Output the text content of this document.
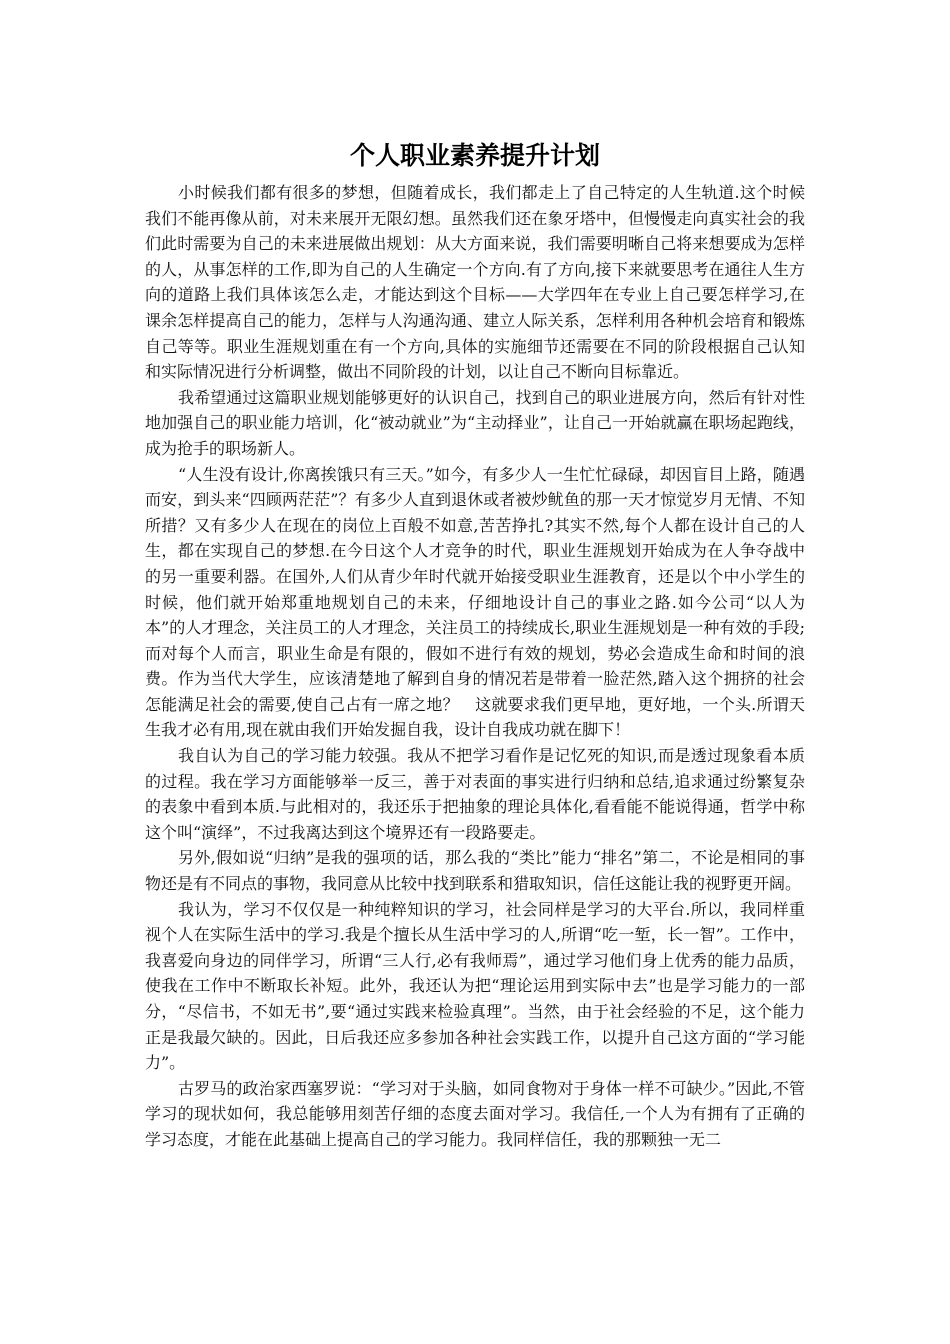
个人职业素养提升计划

小时候我们都有很多的梦想，但随着成长，我们都走上了自己特定的人生轨道.这个时候我们不能再像从前，对未来展开无限幻想。虽然我们还在象牙塔中，但慢慢走向真实社会的我们此时需要为自己的未来进展做出规划：从大方面来说，我们需要明晰自己将来想要成为怎样的人，从事怎样的工作,即为自己的人生确定一个方向.有了方向,接下来就要思考在通往人生方向的道路上我们具体该怎么走，才能达到这个目标——大学四年在专业上自己要怎样学习,在课余怎样提高自己的能力，怎样与人沟通沟通、建立人际关系，怎样利用各种机会培育和锻炼自己等等。职业生涯规划重在有一个方向,具体的实施细节还需要在不同的阶段根据自己认知和实际情况进行分析调整，做出不同阶段的计划，以让自己不断向目标靠近。

我希望通过这篇职业规划能够更好的认识自己，找到自己的职业进展方向，然后有针对性地加强自己的职业能力培训，化“被动就业”为“主动择业”，让自己一开始就赢在职场起跑线，成为抢手的职场新人。

“人生没有设计,你离挨饿只有三天。”如今，有多少人一生忙忙碌碌，却因盲目上路，随遇而安，到头来“四顾两茫茫”？有多少人直到退休或者被炒鱿鱼的那一天才惊觉岁月无情、不知所措？又有多少人在现在的岗位上百般不如意,苦苦挣扎?其实不然,每个人都在设计自己的人生，都在实现自己的梦想.在今日这个人才竞争的时代，职业生涯规划开始成为在人争夺战中的另一重要利器。在国外,人们从青少年时代就开始接受职业生涯教育，还是以个中小学生的时候，他们就开始郑重地规划自己的未来，仔细地设计自己的事业之路.如今公司“以人为本”的人才理念，关注员工的人才理念，关注员工的持续成长,职业生涯规划是一种有效的手段;而对每个人而言，职业生命是有限的，假如不进行有效的规划，势必会造成生命和时间的浪费。作为当代大学生，应该清楚地了解到自身的情况若是带着一脸茫然,踏入这个拥挤的社会怎能满足社会的需要,使自己占有一席之地？　这就要求我们更早地，更好地，一个头.所谓天生我才必有用,现在就由我们开始发掘自我，设计自我成功就在脚下！

我自认为自己的学习能力较强。我从不把学习看作是记忆死的知识,而是透过现象看本质的过程。我在学习方面能够举一反三，善于对表面的事实进行归纳和总结,追求通过纷繁复杂的表象中看到本质.与此相对的，我还乐于把抽象的理论具体化,看看能不能说得通，哲学中称这个叫“演绎”，不过我离达到这个境界还有一段路要走。

另外,假如说“归纳”是我的强项的话，那么我的“类比”能力“排名”第二，不论是相同的事物还是有不同点的事物，我同意从比较中找到联系和猎取知识，信任这能让我的视野更开阔。

我认为，学习不仅仅是一种纯粹知识的学习，社会同样是学习的大平台.所以，我同样重视个人在实际生活中的学习.我是个擅长从生活中学习的人,所谓“吃一堑，长一智”。工作中，我喜爱向身边的同伴学习，所谓“三人行,必有我师焉”，通过学习他们身上优秀的能力品质，使我在工作中不断取长补短。此外，我还认为把“理论运用到实际中去”也是学习能力的一部分，“尽信书，不如无书”,要“通过实践来检验真理”。当然，由于社会经验的不足，这个能力正是我最欠缺的。因此，日后我还应多参加各种社会实践工作，以提升自己这方面的“学习能力”。

古罗马的政治家西塞罗说：“学习对于头脑，如同食物对于身体一样不可缺少。”因此,不管学习的现状如何，我总能够用刻苦仔细的态度去面对学习。我信任,一个人为有拥有了正确的学习态度，才能在此基础上提高自己的学习能力。我同样信任，我的那颗独一无二
